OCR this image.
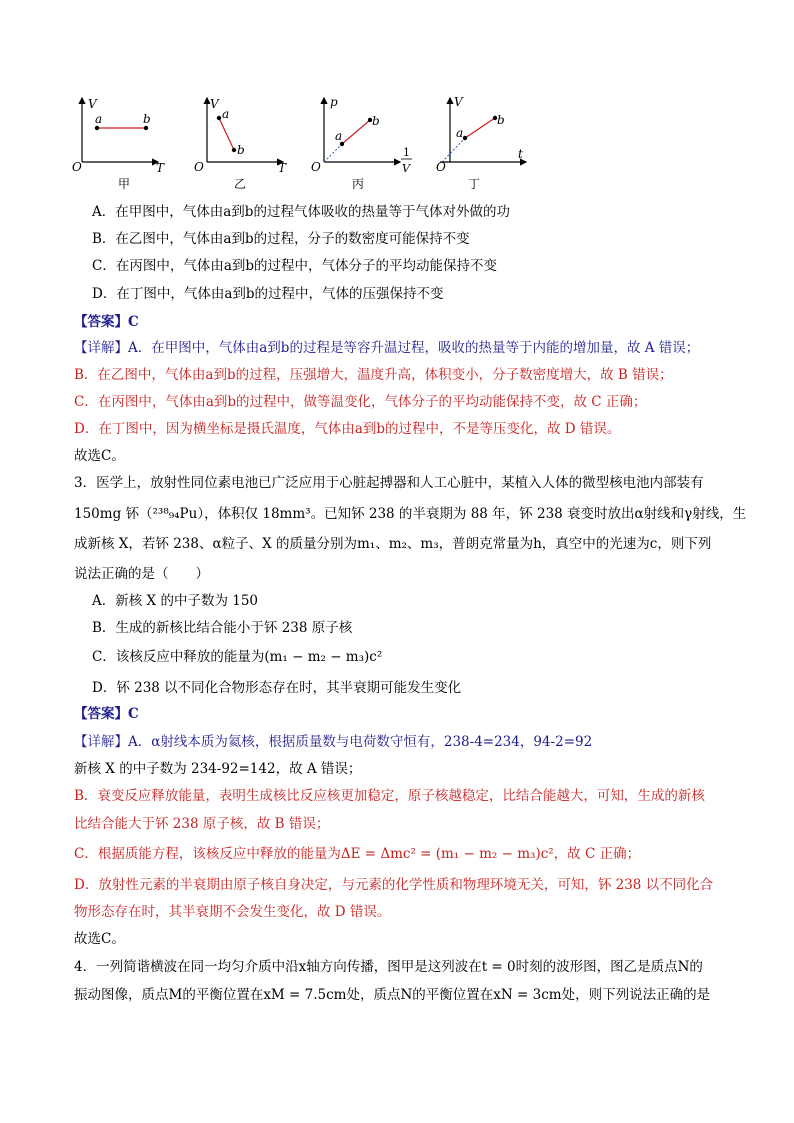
V
T
O
a	b
甲
V
T
O
a
b
乙
p
O
1
V
a
b
丙
V
t
O
a
b
丁
A．在甲图中，气体由a到b的过程气体吸收的热量等于气体对外做的功
B．在乙图中，气体由a到b的过程，分子的数密度可能保持不变
C．在丙图中，气体由a到b的过程中，气体分子的平均动能保持不变
D．在丁图中，气体由a到b的过程中，气体的压强保持不变
【答案】C
【详解】A．在甲图中，气体由a到b的过程是等容升温过程，吸收的热量等于内能的增加量，故 A 错误；
B．在乙图中，气体由a到b的过程，压强增大，温度升高，体积变小，分子数密度增大，故 B 错误；
C．在丙图中，气体由a到b的过程中，做等温变化，气体分子的平均动能保持不变，故 C 正确；
D．在丁图中，因为横坐标是摄氏温度，气体由a到b的过程中，不是等压变化，故 D 错误。
故选C。
3．医学上，放射性同位素电池已广泛应用于心脏起搏器和人工心脏中，某植入人体的微型核电池内部装有
150mg 钚（²³⁸₉₄Pu），体积仅 18mm³。已知钚 238 的半衰期为 88 年，钚 238 衰变时放出α射线和γ射线，生
成新核 X，若钚 238、α粒子、X 的质量分别为m₁、m₂、m₃，普朗克常量为h，真空中的光速为c，则下列
说法正确的是（　　）
A．新核 X 的中子数为 150
B．生成的新核比结合能小于钚 238 原子核
C．该核反应中释放的能量为(m₁ − m₂ − m₃)c²
D．钚 238 以不同化合物形态存在时，其半衰期可能发生变化
【答案】C
【详解】A．α射线本质为氦核，根据质量数与电荷数守恒有，238-4=234，94-2=92
新核 X 的中子数为 234-92=142，故 A 错误；
B．衰变反应释放能量，表明生成核比反应核更加稳定，原子核越稳定，比结合能越大，可知，生成的新核
比结合能大于钚 238 原子核，故 B 错误；
C．根据质能方程，该核反应中释放的能量为ΔE = Δmc² = (m₁ − m₂ − m₃)c²，故 C 正确；
D．放射性元素的半衰期由原子核自身决定，与元素的化学性质和物理环境无关，可知，钚 238 以不同化合
物形态存在时，其半衰期不会发生变化，故 D 错误。
故选C。
4．一列简谐横波在同一均匀介质中沿x轴方向传播，图甲是这列波在t = 0时刻的波形图，图乙是质点N的
振动图像，质点M的平衡位置在xM = 7.5cm处，质点N的平衡位置在xN = 3cm处，则下列说法正确的是
